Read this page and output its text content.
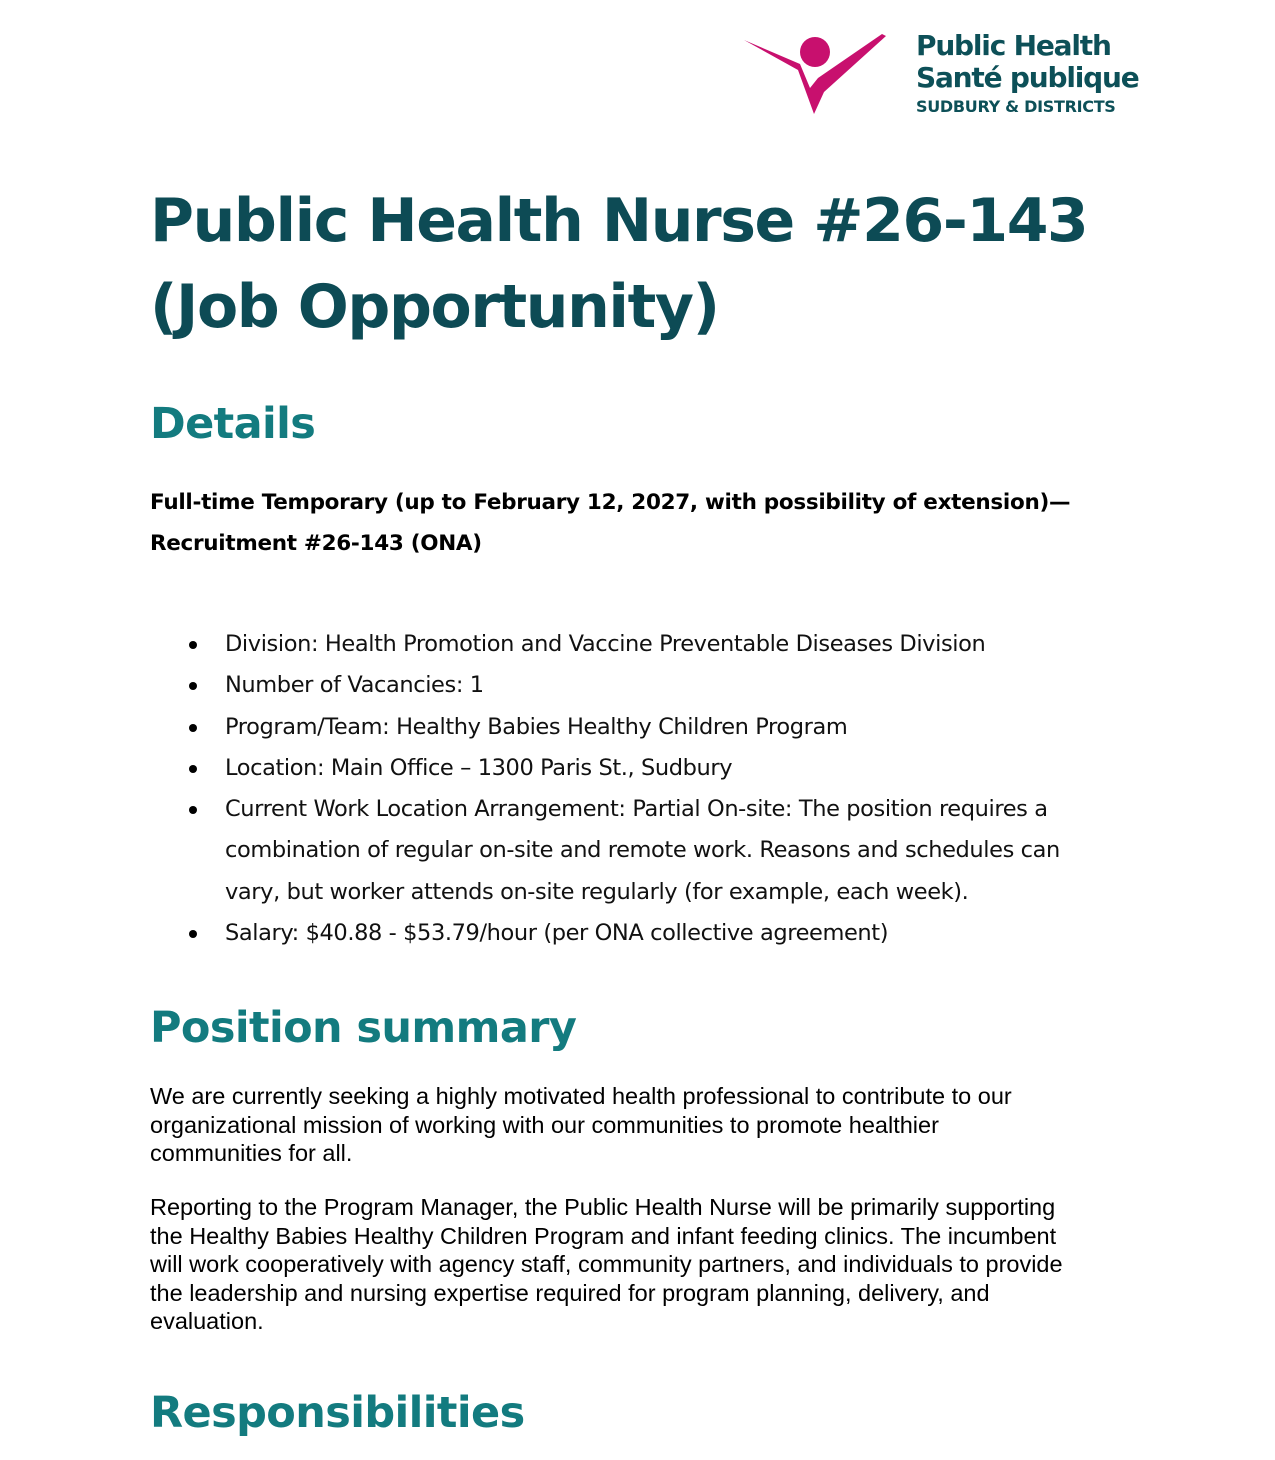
Public Health
Santé publique
SUDBURY & DISTRICTS
Public Health Nurse #26-143
(Job Opportunity)
Details

Full-time Temporary (up to February 12, 2027, with possibility of extension)—
Recruitment #26-143 (ONA)

Division: Health Promotion and Vaccine Preventable Diseases Division
Number of Vacancies: 1
Program/Team: Healthy Babies Healthy Children Program
Location: Main Office – 1300 Paris St., Sudbury
Current Work Location Arrangement: Partial On-site: The position requires a
combination of regular on-site and remote work. Reasons and schedules can
vary, but worker attends on-site regularly (for example, each week).
Salary: $40.88 - $53.79/hour (per ONA collective agreement)
Position summary

We are currently seeking a highly motivated health professional to contribute to our
organizational mission of working with our communities to promote healthier
communities for all.

Reporting to the Program Manager, the Public Health Nurse will be primarily supporting
the Healthy Babies Healthy Children Program and infant feeding clinics. The incumbent
will work cooperatively with agency staff, community partners, and individuals to provide
the leadership and nursing expertise required for program planning, delivery, and
evaluation.

Responsibilities
